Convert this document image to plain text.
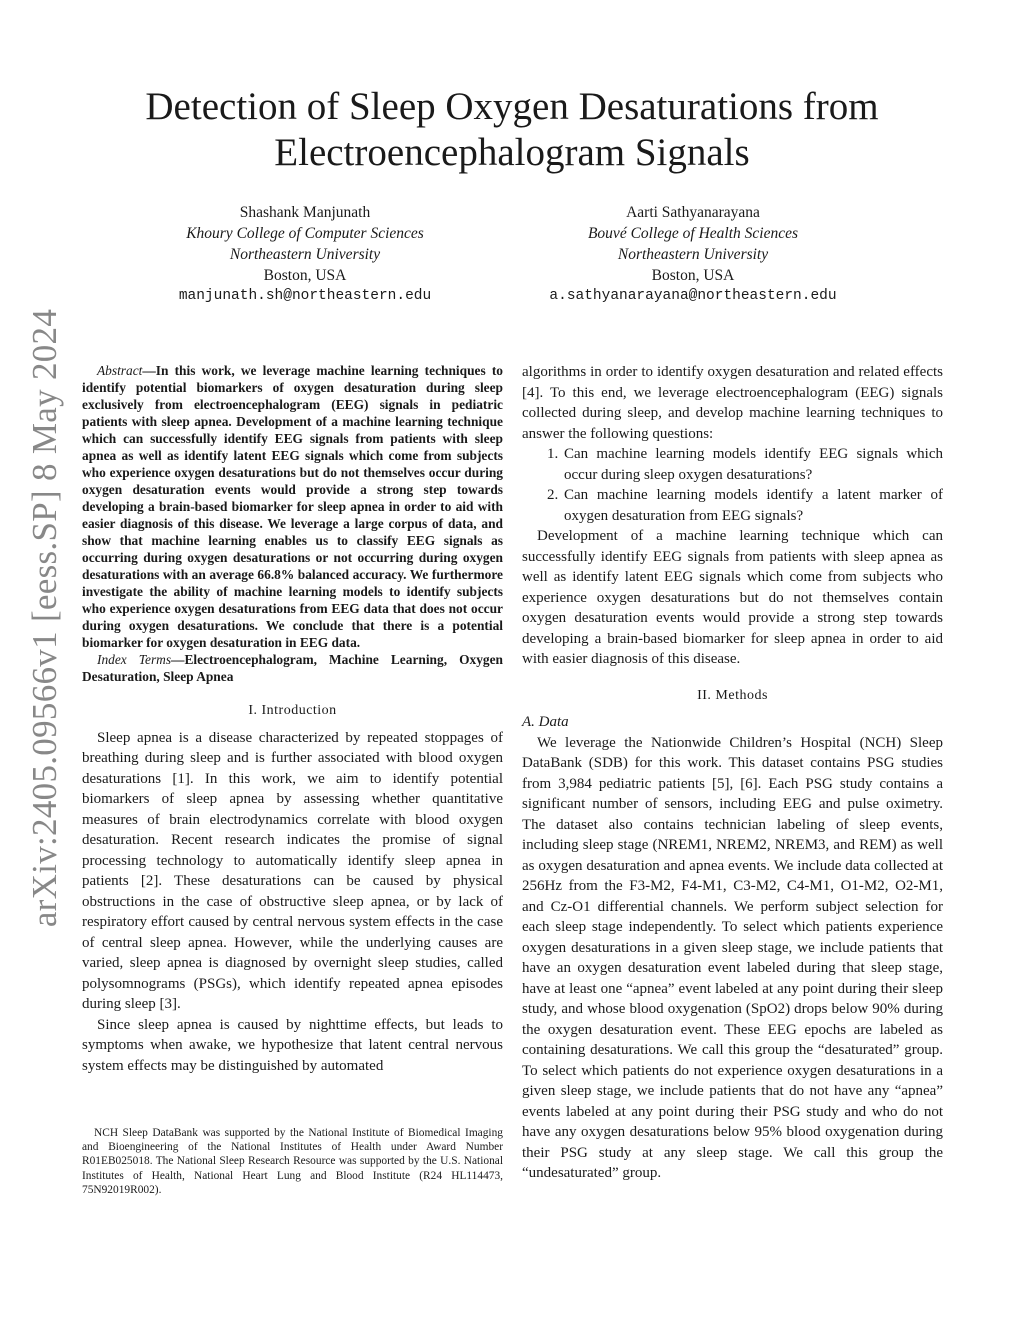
arXiv:2405.09566v1 [eess.SP] 8 May 2024
Detection of Sleep Oxygen Desaturations from
Electroencephalogram Signals
Shashank Manjunath
Khoury College of Computer Sciences
Northeastern University
Boston, USA
manjunath.sh@northeastern.edu
Aarti Sathyanarayana
Bouvé College of Health Sciences
Northeastern University
Boston, USA
a.sathyanarayana@northeastern.edu

Abstract—In this work, we leverage machine learning techniques to identify potential biomarkers of oxygen desaturation during sleep exclusively from electroencephalogram (EEG) signals in pediatric patients with sleep apnea. Development of a machine learning technique which can successfully identify EEG signals from patients with sleep apnea as well as identify latent EEG signals which come from subjects who experience oxygen desaturations but do not themselves occur during oxygen desaturation events would provide a strong step towards developing a brain-based biomarker for sleep apnea in order to aid with easier diagnosis of this disease. We leverage a large corpus of data, and show that machine learning enables us to classify EEG signals as occurring during oxygen desaturations or not occurring during oxygen desaturations with an average 66.8% balanced accuracy. We furthermore investigate the ability of machine learning models to identify subjects who experience oxygen desaturations from EEG data that does not occur during oxygen desaturations. We conclude that there is a potential biomarker for oxygen desaturation in EEG data.

Index Terms—Electroencephalogram, Machine Learning, Oxygen Desaturation, Sleep Apnea

I. Introduction

Sleep apnea is a disease characterized by repeated stoppages of breathing during sleep and is further associated with blood oxygen desaturations [1]. In this work, we aim to identify potential biomarkers of sleep apnea by assessing whether quantitative measures of brain electrodynamics correlate with blood oxygen desaturation. Recent research indicates the promise of signal processing technology to automatically identify sleep apnea in patients [2]. These desaturations can be caused by physical obstructions in the case of obstructive sleep apnea, or by lack of respiratory effort caused by central nervous system effects in the case of central sleep apnea. However, while the underlying causes are varied, sleep apnea is diagnosed by overnight sleep studies, called polysomnograms (PSGs), which identify repeated apnea episodes during sleep [3].

Since sleep apnea is caused by nighttime effects, but leads to symptoms when awake, we hypothesize that latent central nervous system effects may be distinguished by automated

algorithms in order to identify oxygen desaturation and related effects [4]. To this end, we leverage electroencephalogram (EEG) signals collected during sleep, and develop machine learning techniques to answer the following questions:

1. Can machine learning models identify EEG signals which occur during sleep oxygen desaturations?
2. Can machine learning models identify a latent marker of oxygen desaturation from EEG signals?

Development of a machine learning technique which can successfully identify EEG signals from patients with sleep apnea as well as identify latent EEG signals which come from subjects who experience oxygen desaturations but do not themselves contain oxygen desaturation events would provide a strong step towards developing a brain-based biomarker for sleep apnea in order to aid with easier diagnosis of this disease.

II. Methods

A. Data

We leverage the Nationwide Children’s Hospital (NCH) Sleep DataBank (SDB) for this work. This dataset contains PSG studies from 3,984 pediatric patients [5], [6]. Each PSG study contains a significant number of sensors, including EEG and pulse oximetry. The dataset also contains technician labeling of sleep events, including sleep stage (NREM1, NREM2, NREM3, and REM) as well as oxygen desaturation and apnea events. We include data collected at 256Hz from the F3-M2, F4-M1, C3-M2, C4-M1, O1-M2, O2-M1, and Cz-O1 differential channels. We perform subject selection for each sleep stage independently. To select which patients experience oxygen desaturations in a given sleep stage, we include patients that have an oxygen desaturation event labeled during that sleep stage, have at least one “apnea” event labeled at any point during their sleep study, and whose blood oxygenation (SpO2) drops below 90% during the oxygen desaturation event. These EEG epochs are labeled as containing desaturations. We call this group the “desaturated” group. To select which patients do not experience oxygen desaturations in a given sleep stage, we include patients that do not have any “apnea” events labeled at any point during their PSG study and who do not have any oxygen desaturations below 95% blood oxygenation during their PSG study at any sleep stage. We call this group the “undesaturated” group.

NCH Sleep DataBank was supported by the National Institute of Biomedical Imaging and Bioengineering of the National Institutes of Health under Award Number R01EB025018. The National Sleep Research Resource was supported by the U.S. National Institutes of Health, National Heart Lung and Blood Institute (R24 HL114473, 75N92019R002).
